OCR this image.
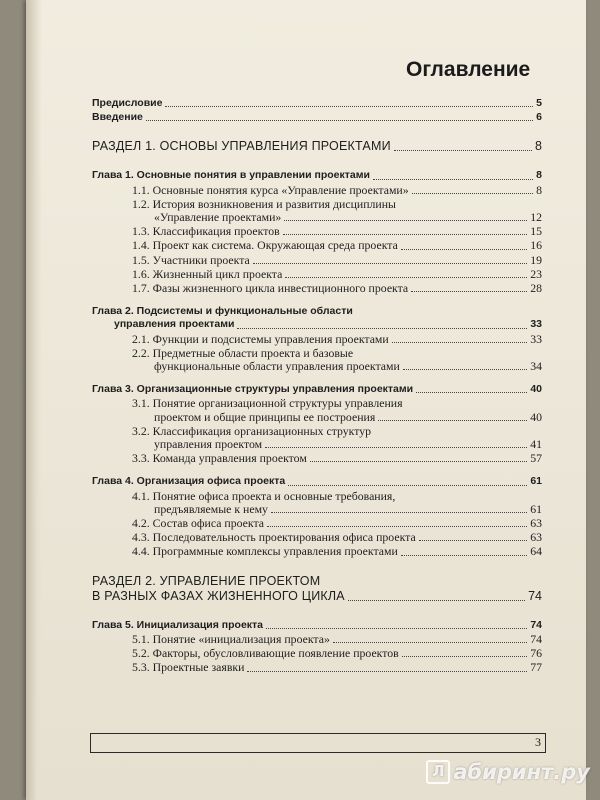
Оглавление
Предисловие	5
Введение	6
РАЗДЕЛ 1. ОСНОВЫ УПРАВЛЕНИЯ ПРОЕКТАМИ	8
Глава 1. Основные понятия в управлении проектами	8
1.1. Основные понятия курса «Управление проектами»	8
1.2. История возникновения и развития дисциплины
«Управление проектами»	12
1.3. Классификация проектов	15
1.4. Проект как система. Окружающая среда проекта	16
1.5. Участники проекта	19
1.6. Жизненный цикл проекта	23
1.7. Фазы жизненного цикла инвестиционного проекта	28
Глава 2. Подсистемы и функциональные области
управления проектами	33
2.1. Функции и подсистемы управления проектами	33
2.2. Предметные области проекта и базовые
функциональные области управления проектами	34
Глава 3. Организационные структуры управления проектами	40
3.1. Понятие организационной структуры управления
проектом и общие принципы ее построения	40
3.2. Классификация организационных структур
управления проектом	41
3.3. Команда управления проектом	57
Глава 4. Организация офиса проекта	61
4.1. Понятие офиса проекта и основные требования,
предъявляемые к нему	61
4.2. Состав офиса проекта	63
4.3. Последовательность проектирования офиса проекта	63
4.4. Программные комплексы управления проектами	64
РАЗДЕЛ 2. УПРАВЛЕНИЕ ПРОЕКТОМ
В РАЗНЫХ ФАЗАХ ЖИЗНЕННОГО ЦИКЛА	74
Глава 5. Инициализация проекта	74
5.1. Понятие «инициализация проекта»	74
5.2. Факторы, обусловливающие появление проектов	76
5.3. Проектные заявки	77
3
Л абиринт.ру
